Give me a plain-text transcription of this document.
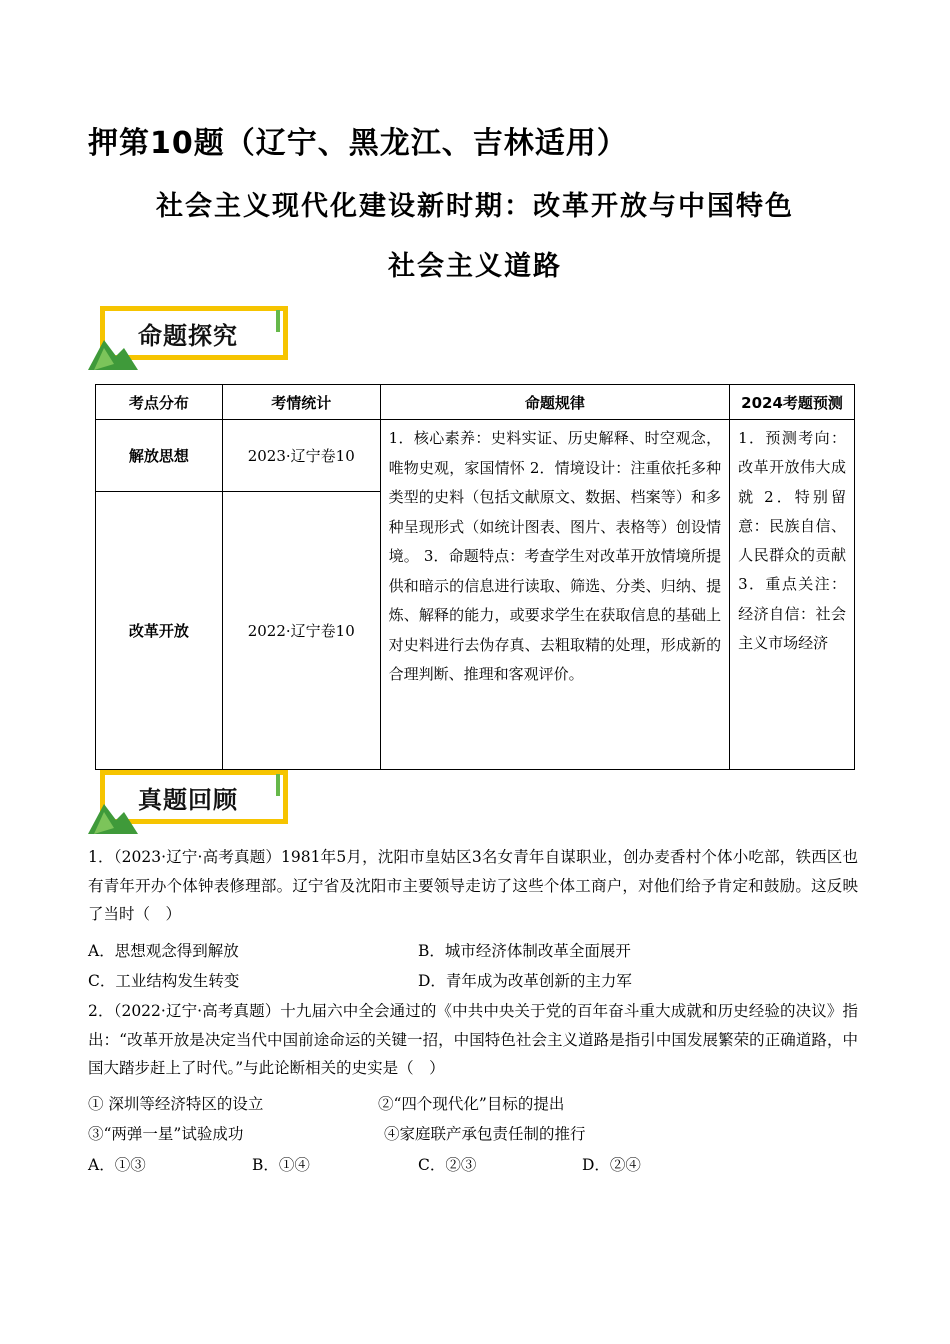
押第10题（辽宁、黑龙江、吉林适用）
社会主义现代化建设新时期：改革开放与中国特色
社会主义道路
命题探究
考点分布	考情统计	命题规律	2024考题预测
解放思想	2023·辽宁卷10	1．核心素养：史料实证、历史解释、时空观念，唯物史观，家国情怀 2．情境设计：注重依托多种类型的史料（包括文献原文、数据、档案等）和多种呈现形式（如统计图表、图片、表格等）创设情境。 3．命题特点：考查学生对改革开放情境所提供和暗示的信息进行读取、筛选、分类、归纳、提炼、解释的能力，或要求学生在获取信息的基础上对史料进行去伪存真、去粗取精的处理，形成新的合理判断、推理和客观评价。	1．预测考向：改革开放伟大成就 2．特别留意：民族自信、人民群众的贡献 3．重点关注：经济自信：社会主义市场经济
改革开放	2022·辽宁卷10		
真题回顾
1．（2023·辽宁·高考真题）1981年5月，沈阳市皇姑区3名女青年自谋职业，创办麦香村个体小吃部，铁西区也有青年开办个体钟表修理部。辽宁省及沈阳市主要领导走访了这些个体工商户，对他们给予肯定和鼓励。这反映了当时（　）
A．思想观念得到解放	B．城市经济体制改革全面展开
C．工业结构发生转变	D．青年成为改革创新的主力军
2．（2022·辽宁·高考真题）十九届六中全会通过的《中共中央关于党的百年奋斗重大成就和历史经验的决议》指出：“改革开放是决定当代中国前途命运的关键一招，中国特色社会主义道路是指引中国发展繁荣的正确道路，中国大踏步赶上了时代。”与此论断相关的史实是（　）
① 深圳等经济特区的设立	②“四个现代化”目标的提出
③“两弹一星”试验成功	④家庭联产承包责任制的推行
A．①③	B．①④	C．②③	D．②④
